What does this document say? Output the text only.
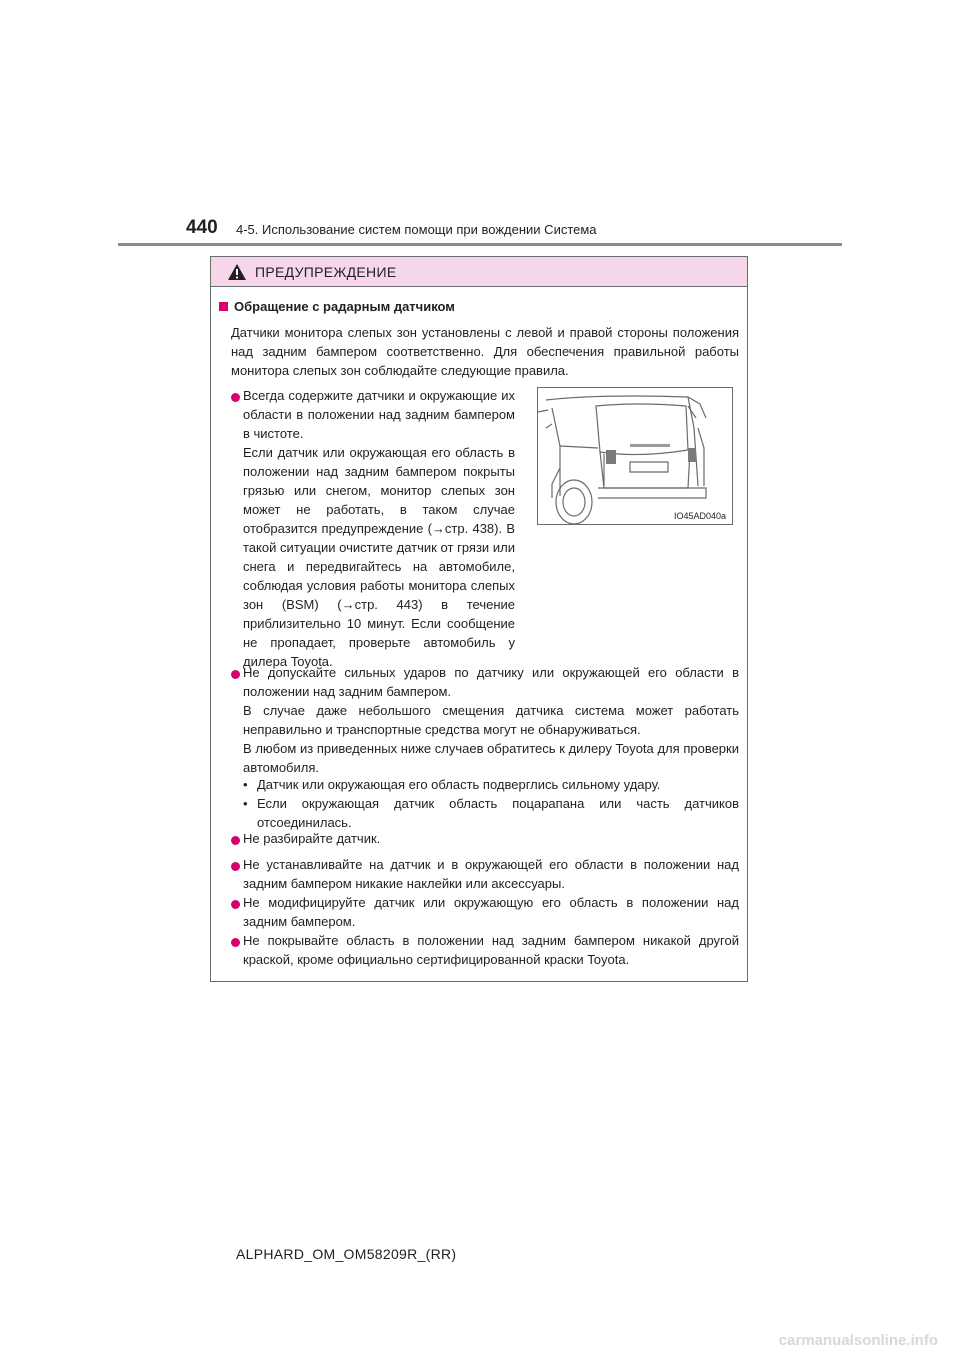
440 4-5. Использование систем помощи при вождении Система
ПРЕДУПРЕЖДЕНИЕ
Обращение с радарным датчиком
Датчики монитора слепых зон установлены с левой и правой стороны положения над задним бампером соответственно. Для обеспечения правильной работы монитора слепых зон соблюдайте следующие правила.
Всегда содержите датчики и окружающие их области в положении над задним бампером в чистоте.
Если датчик или окружающая его область в положении над задним бампером покрыты грязью или снегом, монитор слепых зон может не работать, в таком случае отобразится предупреждение (→стр. 438). В такой ситуации очистите датчик от грязи или снега и передвигайтесь на автомобиле, соблюдая условия работы монитора слепых зон (BSM) (→стр. 443) в течение приблизительно 10 минут. Если сообщение не пропадает, проверьте автомобиль у дилера Toyota.
IO45AD040a
Не допускайте сильных ударов по датчику или окружающей его области в положении над задним бампером.
В случае даже небольшого смещения датчика система может работать неправильно и транспортные средства могут не обнаруживаться.
В любом из приведенных ниже случаев обратитесь к дилеру Toyota для проверки автомобиля.
• Датчик или окружающая его область подверглись сильному удару.
• Если окружающая датчик область поцарапана или часть датчиков отсоединилась.
Не разбирайте датчик.
Не устанавливайте на датчик и в окружающей его области в положении над задним бампером никакие наклейки или аксессуары.
Не модифицируйте датчик или окружающую его область в положении над задним бампером.
Не покрывайте область в положении над задним бампером никакой другой краской, кроме официально сертифицированной краски Toyota.
ALPHARD_OM_OM58209R_(RR)
carmanualsonline.info
